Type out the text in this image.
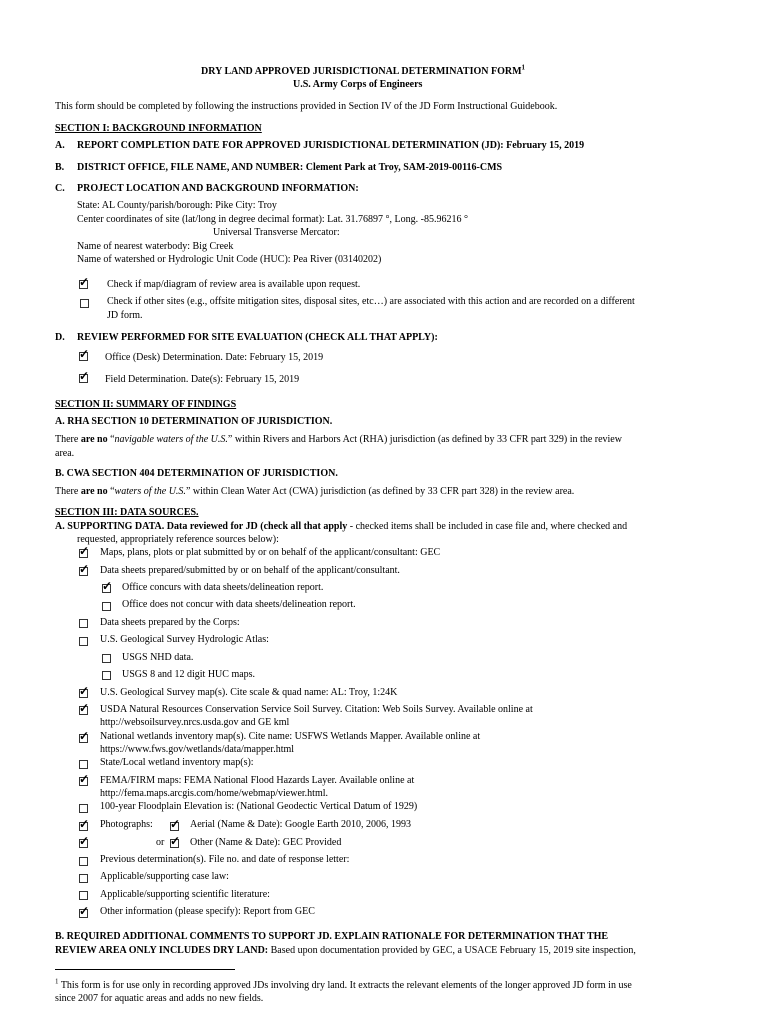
DRY LAND APPROVED JURISDICTIONAL DETERMINATION FORM$^1$
U.S. Army Corps of Engineers
This form should be completed by following the instructions provided in Section IV of the JD Form Instructional Guidebook.
SECTION I: BACKGROUND INFORMATION
A. REPORT COMPLETION DATE FOR APPROVED JURISDICTIONAL DETERMINATION (JD): February 15, 2019
B. DISTRICT OFFICE, FILE NAME, AND NUMBER: Clement Park at Troy, SAM-2019-00116-CMS
C. PROJECT LOCATION AND BACKGROUND INFORMATION:
State: AL County/parish/borough: Pike City: Troy
Center coordinates of site (lat/long in degree decimal format): Lat. 31.76897 °, Long. -85.96216 °
Universal Transverse Mercator:
Name of nearest waterbody: Big Creek
Name of watershed or Hydrologic Unit Code (HUC): Pea River (03140202)
✓ Check if map/diagram of review area is available upon request.
Check if other sites (e.g., offsite mitigation sites, disposal sites, etc…) are associated with this action and are recorded on a different
JD form.
D. REVIEW PERFORMED FOR SITE EVALUATION (CHECK ALL THAT APPLY):
✓ Office (Desk) Determination. Date: February 15, 2019
✓ Field Determination. Date(s): February 15, 2019
SECTION II: SUMMARY OF FINDINGS
A. RHA SECTION 10 DETERMINATION OF JURISDICTION.
There are no “navigable waters of the U.S.” within Rivers and Harbors Act (RHA) jurisdiction (as defined by 33 CFR part 329) in the review
area.
B. CWA SECTION 404 DETERMINATION OF JURISDICTION.
There are no “waters of the U.S.” within Clean Water Act (CWA) jurisdiction (as defined by 33 CFR part 328) in the review area.
SECTION III: DATA SOURCES.
A. SUPPORTING DATA. Data reviewed for JD (check all that apply - checked items shall be included in case file and, where checked and
requested, appropriately reference sources below):
✓ Maps, plans, plots or plat submitted by or on behalf of the applicant/consultant: GEC
✓ Data sheets prepared/submitted by or on behalf of the applicant/consultant.
✓ Office concurs with data sheets/delineation report.
Office does not concur with data sheets/delineation report.
Data sheets prepared by the Corps:
U.S. Geological Survey Hydrologic Atlas:
USGS NHD data.
USGS 8 and 12 digit HUC maps.
✓ U.S. Geological Survey map(s). Cite scale & quad name: AL: Troy, 1:24K
✓ USDA Natural Resources Conservation Service Soil Survey. Citation: Web Soils Survey. Available online at
http://websoilsurvey.nrcs.usda.gov and GE kml
✓ National wetlands inventory map(s). Cite name: USFWS Wetlands Mapper. Available online at
https://www.fws.gov/wetlands/data/mapper.html
State/Local wetland inventory map(s):
✓ FEMA/FIRM maps: FEMA National Flood Hazards Layer. Available online at
http://fema.maps.arcgis.com/home/webmap/viewer.html.
100-year Floodplain Elevation is: (National Geodectic Vertical Datum of 1929)
✓ Photographs: ✓ Aerial (Name & Date): Google Earth 2010, 2006, 1993
✓	or ✓ Other (Name & Date): GEC Provided
Previous determination(s). File no. and date of response letter:
Applicable/supporting case law:
Applicable/supporting scientific literature:
✓ Other information (please specify): Report from GEC
B. REQUIRED ADDITIONAL COMMENTS TO SUPPORT JD. EXPLAIN RATIONALE FOR DETERMINATION THAT THE
REVIEW AREA ONLY INCLUDES DRY LAND: Based upon documentation provided by GEC, a USACE February 15, 2019 site inspection,
$^1$ This form is for use only in recording approved JDs involving dry land. It extracts the relevant elements of the longer approved JD form in use
since 2007 for aquatic areas and adds no new fields.
